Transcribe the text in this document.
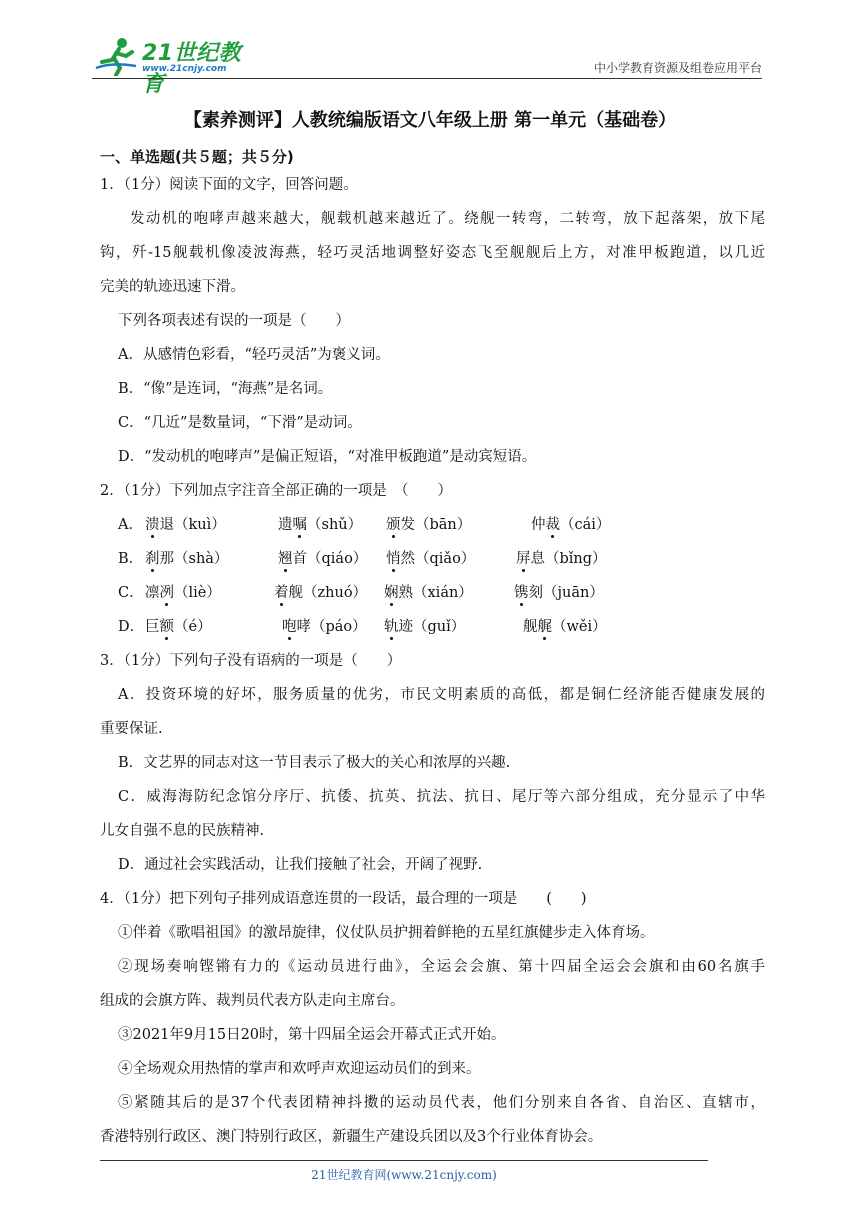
21世纪教育
www.21cnjy.com	中小学教育资源及组卷应用平台
【素养测评】人教统编版语文八年级上册 第一单元（基础卷）
一、单选题(共５题；共５分)
1．（1分）阅读下面的文字，回答问题。
发动机的咆哮声越来越大，舰载机越来越近了。绕舰一转弯，二转弯，放下起落架，放下尾
钩，歼-15舰载机像凌波海燕，轻巧灵活地调整好姿态飞至舰舰后上方，对准甲板跑道，以几近
完美的轨迹迅速下滑。
下列各项表述有误的一项是（　　）
A．从感情色彩看，“轻巧灵活”为褒义词。
B．“像”是连词，“海燕”是名词。
C．“几近”是数量词，“下滑”是动词。
D．“发动机的咆哮声”是偏正短语，“对准甲板跑道”是动宾短语。
2．（1分）下列加点字注音全部正确的一项是　（　　）
A． 溃退（kuì）	遗嘱（shǔ） 颁发（bān）	仲裁（cái）
B． 刹那（shà）	翘首（qiáo） 悄然（qiǎo）	屏息（bǐng）
C． 凛冽（liè）	着舰（zhuó） 娴熟（xián）	镌刻（juān）
D． 巨额（é）	咆哮（páo） 轨迹（guǐ）	舰艉（wěi）
3．（1分）下列句子没有语病的一项是（　　）
A．投资环境的好坏，服务质量的优劣，市民文明素质的高低，都是铜仁经济能否健康发展的
重要保证.
B．文艺界的同志对这一节目表示了极大的关心和浓厚的兴趣.
C．威海海防纪念馆分序厅、抗倭、抗英、抗法、抗日、尾厅等六部分组成，充分显示了中华
儿女自强不息的民族精神.
D．通过社会实践活动，让我们接触了社会，开阔了视野.
4．（1分）把下列句子排列成语意连贯的一段话，最合理的一项是　　(　　)
①伴着《歌唱祖国》的激昂旋律，仪仗队员护拥着鲜艳的五星红旗健步走入体育场。
②现场奏响铿锵有力的《运动员进行曲》，全运会会旗、第十四届全运会会旗和由60名旗手
组成的会旗方阵、裁判员代表方队走向主席台。
③2021年9月15日20时，第十四届全运会开幕式正式开始。
④全场观众用热情的掌声和欢呼声欢迎运动员们的到来。
⑤紧随其后的是37个代表团精神抖擞的运动员代表，他们分别来自各省、自治区、直辖市，
香港特别行政区、澳门特别行政区，新疆生产建设兵团以及3个行业体育协会。
21世纪教育网(www.21cnjy.com)
